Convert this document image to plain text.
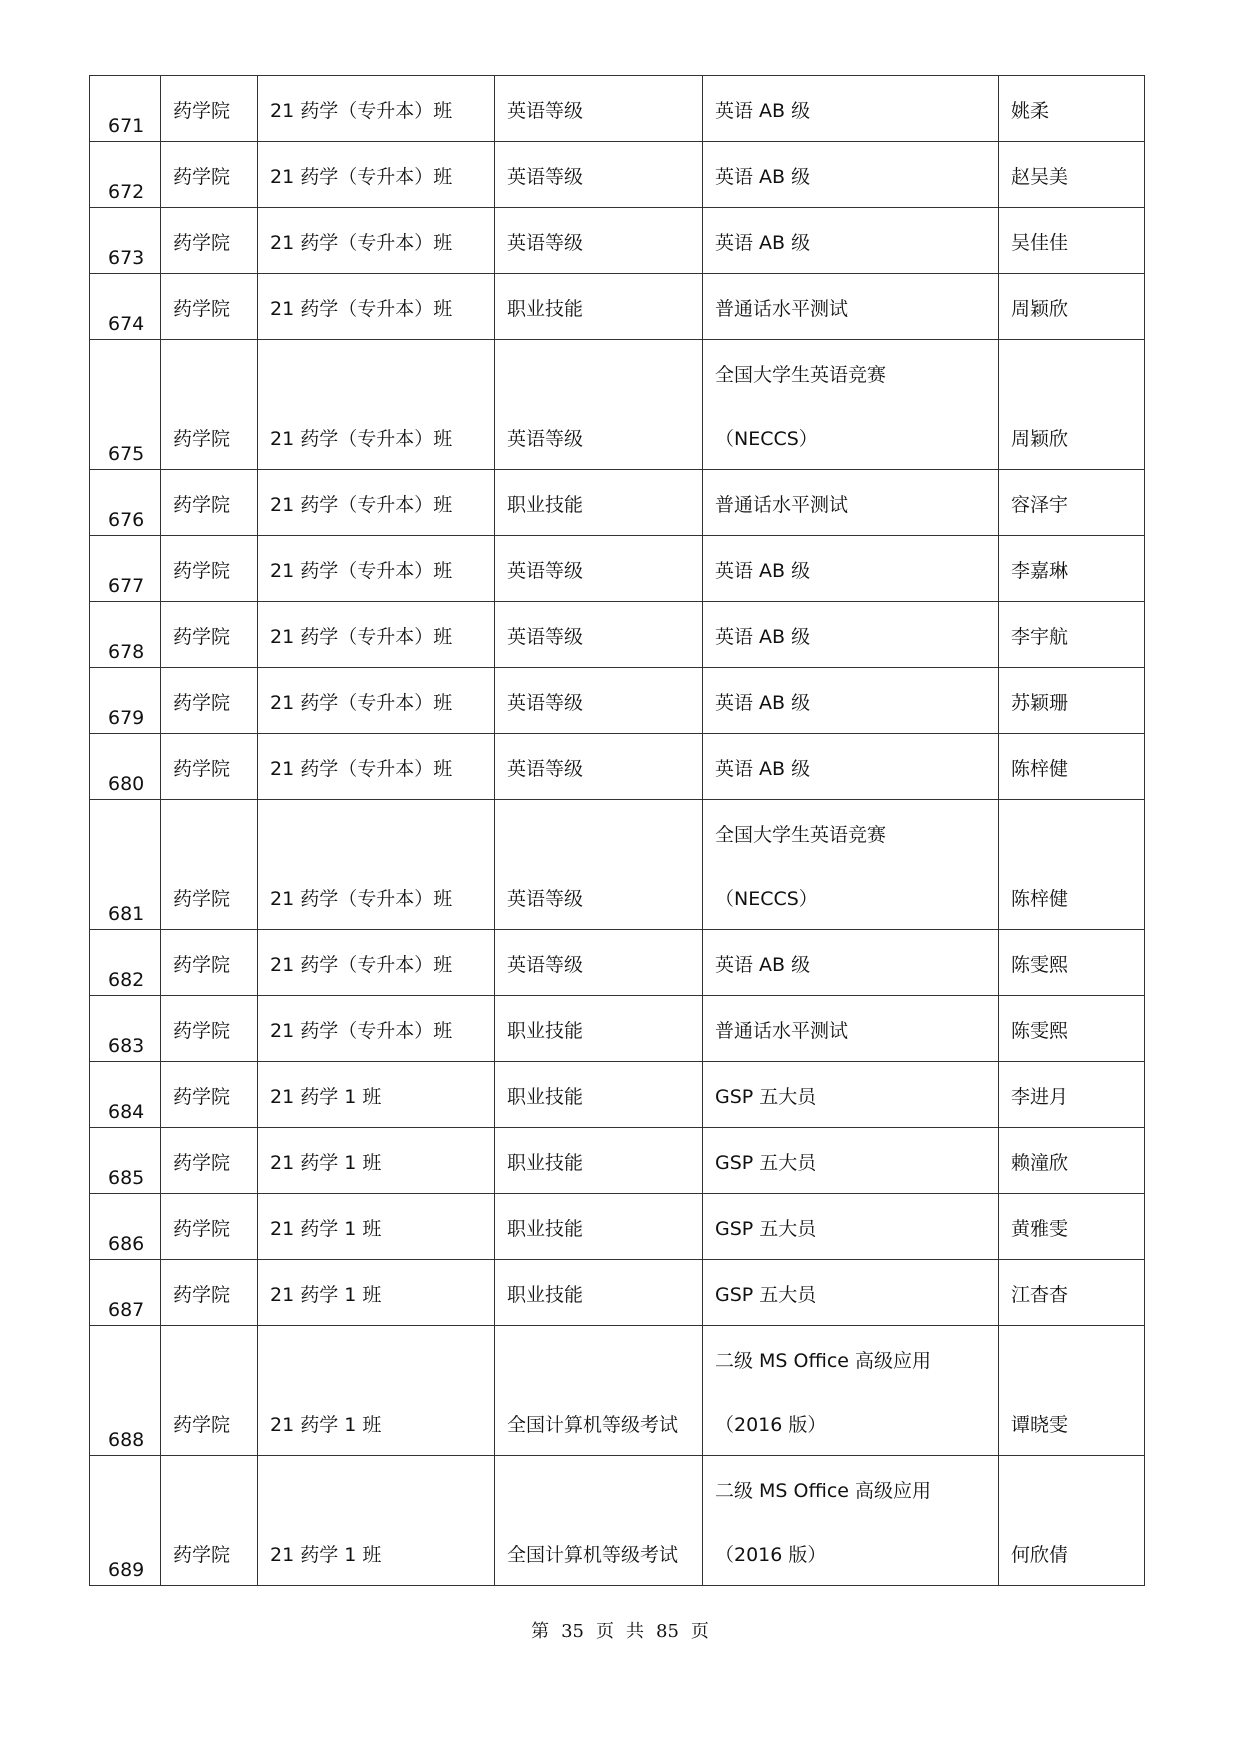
671	药学院	21 药学（专升本）班	英语等级	英语 AB 级	姚柔

672	药学院	21 药学（专升本）班	英语等级	英语 AB 级	赵吴美

673	药学院	21 药学（专升本）班	英语等级	英语 AB 级	吴佳佳

674	药学院	21 药学（专升本）班	职业技能	普通话水平测试	周颖欣

675	药学院	21 药学（专升本）班	英语等级	全国大学生英语竞赛
（NECCS）	周颖欣

676	药学院	21 药学（专升本）班	职业技能	普通话水平测试	容泽宇

677	药学院	21 药学（专升本）班	英语等级	英语 AB 级	李嘉琳

678	药学院	21 药学（专升本）班	英语等级	英语 AB 级	李宇航

679	药学院	21 药学（专升本）班	英语等级	英语 AB 级	苏颖珊

680	药学院	21 药学（专升本）班	英语等级	英语 AB 级	陈梓健

681	药学院	21 药学（专升本）班	英语等级	全国大学生英语竞赛
（NECCS）	陈梓健

682	药学院	21 药学（专升本）班	英语等级	英语 AB 级	陈雯熙

683	药学院	21 药学（专升本）班	职业技能	普通话水平测试	陈雯熙

684	药学院	21 药学 1 班	职业技能	GSP 五大员	李进月

685	药学院	21 药学 1 班	职业技能	GSP 五大员	赖潼欣

686	药学院	21 药学 1 班	职业技能	GSP 五大员	黄雅雯

687	药学院	21 药学 1 班	职业技能	GSP 五大员	江杳杳

688	药学院	21 药学 1 班	全国计算机等级考试	二级 MS Office 高级应用
（2016 版）	谭晓雯

689	药学院	21 药学 1 班	全国计算机等级考试	二级 MS Office 高级应用
（2016 版）	何欣倩
第 35 页 共 85 页
